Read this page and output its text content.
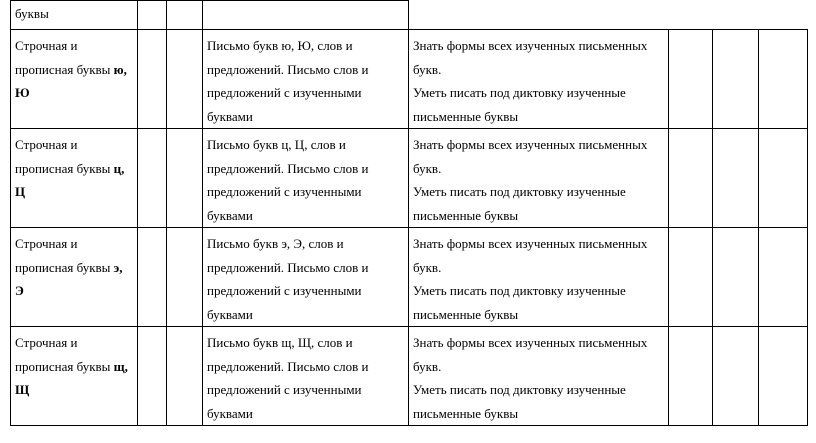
буквы							
Строчная и прописная буквы ю, Ю			Письмо букв ю, Ю, слов и предложений. Письмо слов и предложений с изученными буквами	Знать формы всех изученных письменных букв.
Уметь писать под диктовку изученные письменные буквы			

Строчная и прописная буквы ц, Ц			Письмо букв ц, Ц, слов и предложений. Письмо слов и предложений с изученными буквами	Знать формы всех изученных письменных букв.
Уметь писать под диктовку изученные письменные буквы			

Строчная и прописная буквы э, Э			Письмо букв э, Э, слов и предложений. Письмо слов и предложений с изученными буквами	Знать формы всех изученных письменных букв.
Уметь писать под диктовку изученные письменные буквы			

Строчная и прописная буквы щ, Щ			Письмо букв щ, Щ, слов и предложений. Письмо слов и предложений с изученными буквами	Знать формы всех изученных письменных букв.
Уметь писать под диктовку изученные письменные буквы			
